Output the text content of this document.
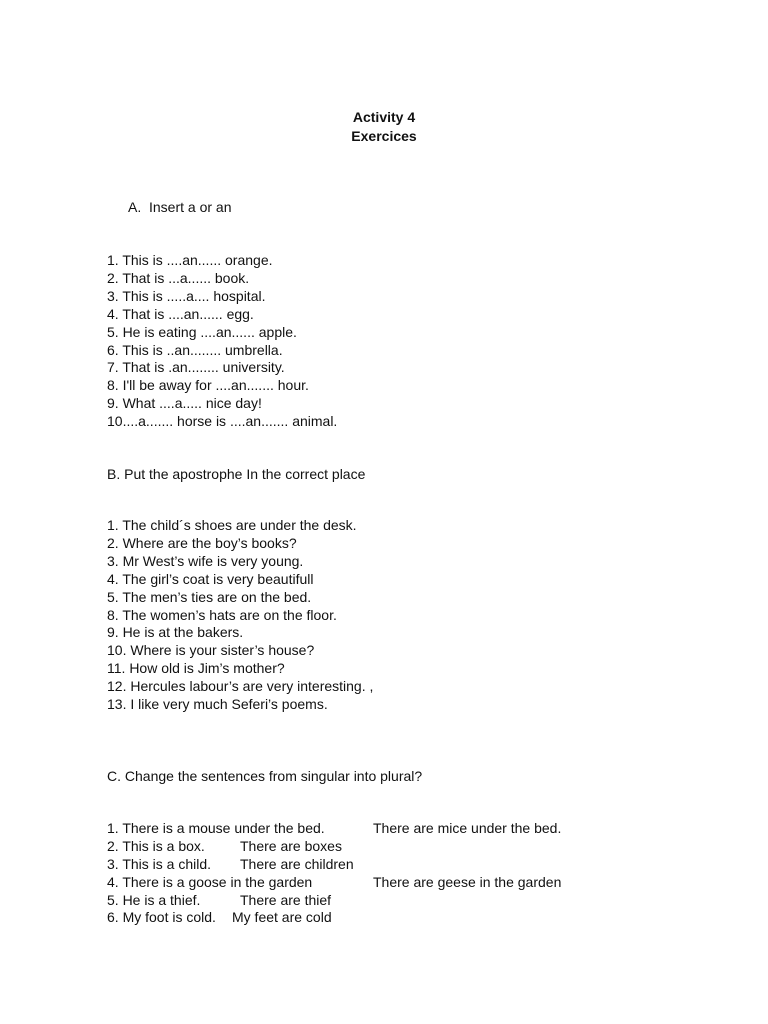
Activity 4
Exercices
A.  Insert a or an
1. This is ....an...... orange.
2. That is ...a...... book.
3. This is .....a.... hospital.
4. That is ....an...... egg.
5. He is eating ....an...... apple.
6. This is ..an........ umbrella.
7. That is .an........ university.
8. I'll be away for ....an....... hour.
9. What ....a..... nice day!
10....a....... horse is ....an....... animal.
B. Put the apostrophe In the correct place
1. The child´s shoes are under the desk.
2. Where are the boy’s books?
3. Mr West’s wife is very young.
4. The girl’s coat is very beautifull
5. The men’s ties are on the bed.
8. The women’s hats are on the floor.
9. He is at the bakers.
10. Where is your sister’s house?
11. How old is Jim’s mother?
12. Hercules labour’s are very interesting. ,
13. I like very much Seferi’s poems.
C. Change the sentences from singular into plural?

1. There is a mouse under the bed.

	There are mice under the bed.

2. This is a box.

	There are boxes

3. This is a child.

There are children

4. There is a goose in the garden

	There are geese in the garden

5. He is a thief.

	There are thief

6. My foot is cold.

My feet are cold
